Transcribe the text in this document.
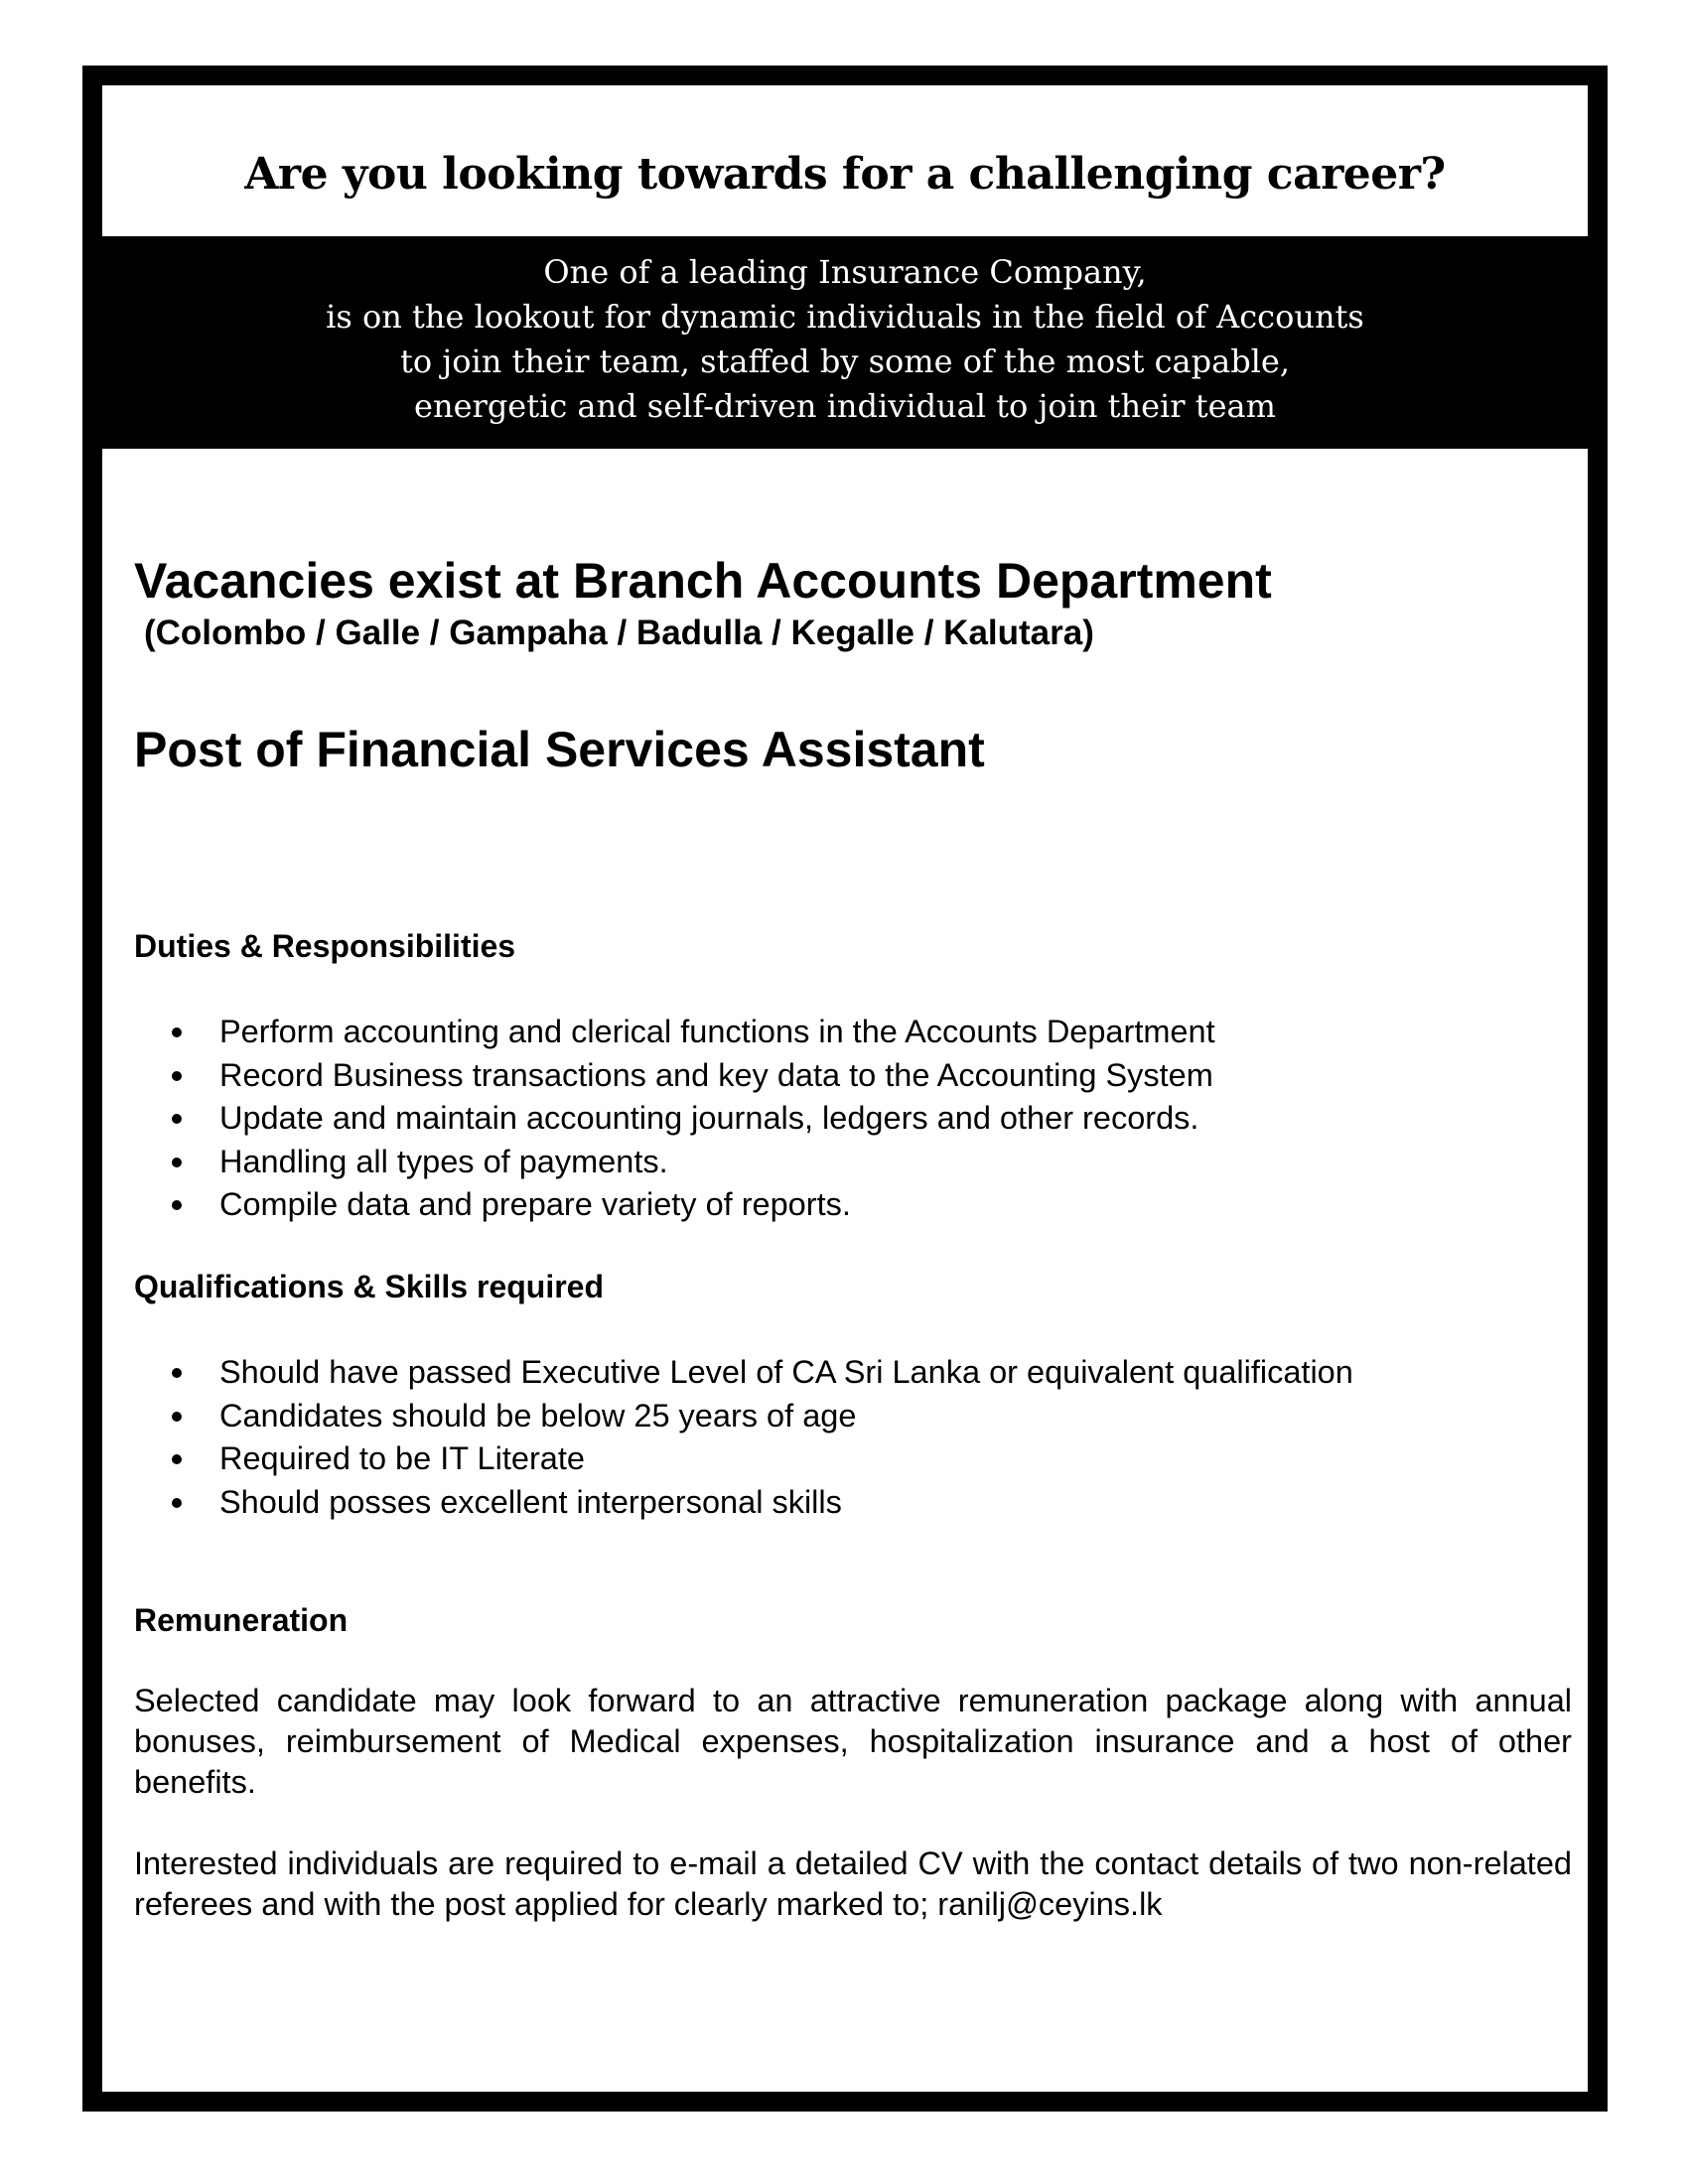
Are you looking towards for a challenging career?
One of a leading Insurance Company,
is on the lookout for dynamic individuals in the field of Accounts
to join their team, staffed by some of the most capable,
energetic and self-driven individual to join their team
Vacancies exist at Branch Accounts Department

(Colombo / Galle / Gampaha / Badulla / Kegalle / Kalutara)

Post of Financial Services Assistant
Duties & Responsibilities
Perform accounting and clerical functions in the Accounts Department
Record Business transactions and key data to the Accounting System
Update and maintain accounting journals, ledgers and other records.
Handling all types of payments.
Compile data and prepare variety of reports.
Qualifications & Skills required
Should have passed Executive Level of CA Sri Lanka or equivalent qualification
Candidates should be below 25 years of age
Required to be IT Literate
Should posses excellent interpersonal skills
Remuneration

Selected candidate may look forward to an attractive remuneration package along with annual bonuses, reimbursement of Medical expenses, hospitalization insurance and a host of other benefits.

Interested individuals are required to e-mail a detailed CV with the contact details of two non-related referees and with the post applied for clearly marked to; ranilj@ceyins.lk
